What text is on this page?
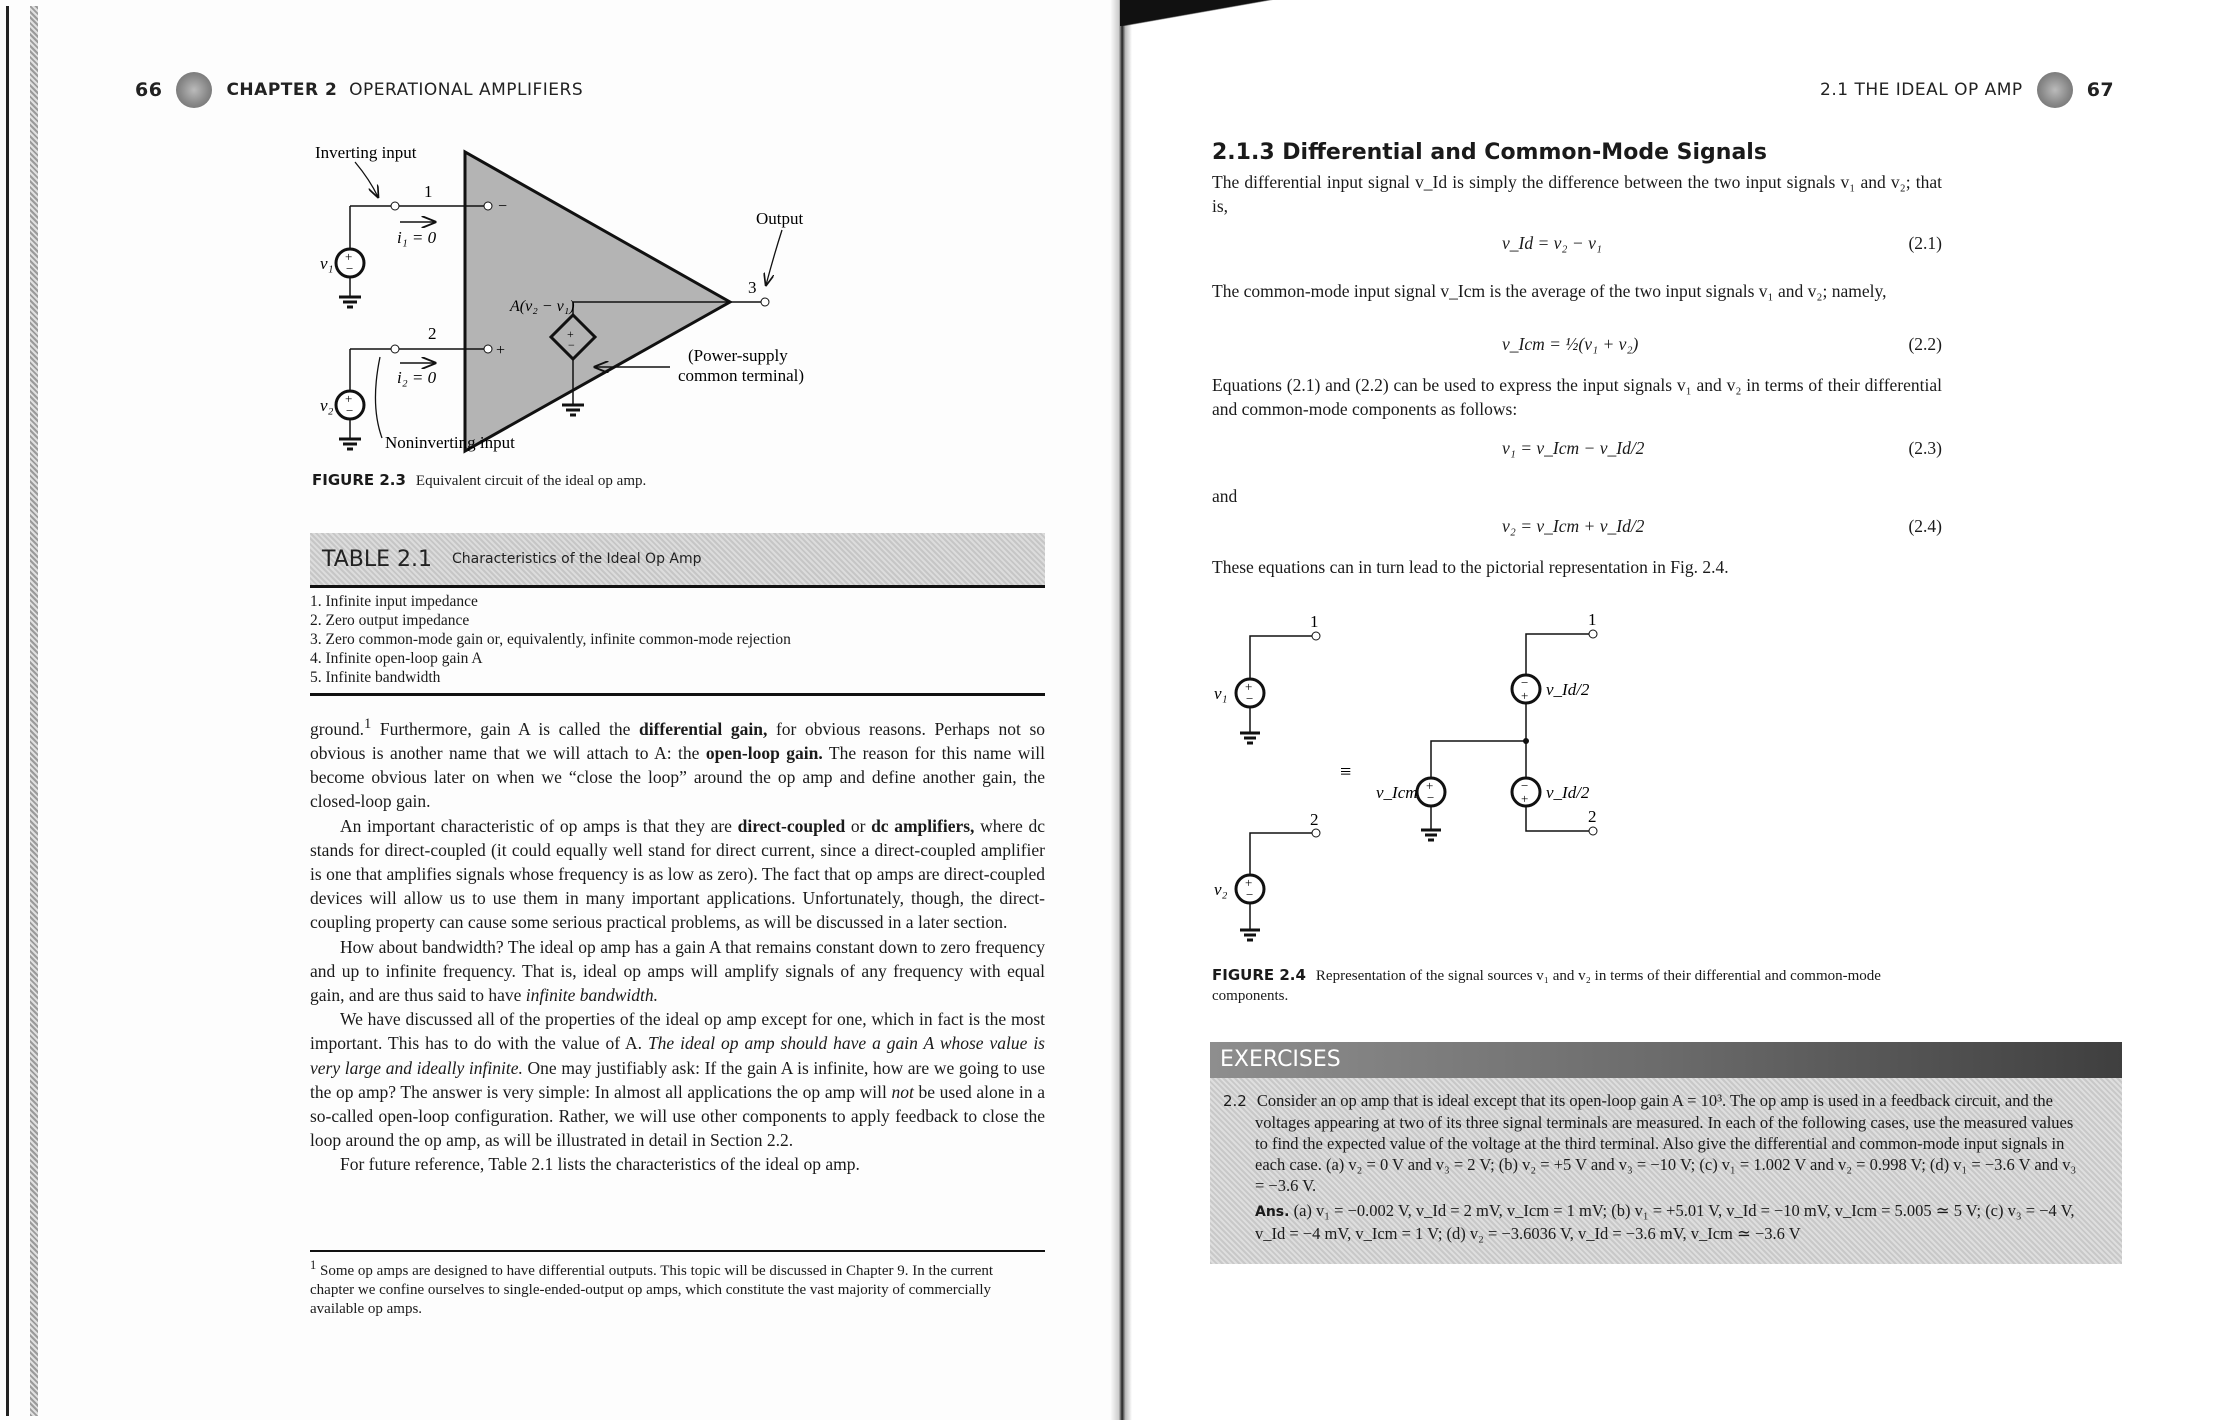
66	CHAPTER 2 OPERATIONAL AMPLIFIERS
1
−
i₁ = 0
+
−
v₁
2
+
i₂ = 0
+
−
v₂
Inverting input
Noninverting input
+
−
A(v₂ − v₁)
3
Output
(Power-supply
common terminal)
FIGURE 2.3 Equivalent circuit of the ideal op amp.
TABLE 2.1 Characteristics of the Ideal Op Amp
1. Infinite input impedance
2. Zero output impedance
3. Zero common-mode gain or, equivalently, infinite common-mode rejection
4. Infinite open-loop gain A
5. Infinite bandwidth

ground.$^1$ Furthermore, gain A is called the differential gain, for obvious reasons. Perhaps not so obvious is another name that we will attach to A: the open-loop gain. The reason for this name will become obvious later on when we “close the loop” around the op amp and define another gain, the closed-loop gain.

An important characteristic of op amps is that they are direct-coupled or dc amplifiers, where dc stands for direct-coupled (it could equally well stand for direct current, since a direct-coupled amplifier is one that amplifies signals whose frequency is as low as zero). The fact that op amps are direct-coupled devices will allow us to use them in many important applications. Unfortunately, though, the direct-coupling property can cause some serious practical problems, as will be discussed in a later section.

How about bandwidth? The ideal op amp has a gain A that remains constant down to zero frequency and up to infinite frequency. That is, ideal op amps will amplify signals of any frequency with equal gain, and are thus said to have infinite bandwidth.

We have discussed all of the properties of the ideal op amp except for one, which in fact is the most important. This has to do with the value of A. The ideal op amp should have a gain A whose value is very large and ideally infinite. One may justifiably ask: If the gain A is infinite, how are we going to use the op amp? The answer is very simple: In almost all applications the op amp will not be used alone in a so-called open-loop configuration. Rather, we will use other components to apply feedback to close the loop around the op amp, as will be illustrated in detail in Section 2.2.

For future reference, Table 2.1 lists the characteristics of the ideal op amp.

$^1$ Some op amps are designed to have differential outputs. This topic will be discussed in Chapter 9. In the current chapter we confine ourselves to single-ended-output op amps, which constitute the vast majority of commercially available op amps.
2.1 THE IDEAL OP AMP	67
2.1.3 Differential and Common-Mode Signals
The differential input signal v_Id is simply the difference between the two input signals v₁ and v₂; that is,
v_Id = v₂ − v₁	(2.1)
The common-mode input signal v_Icm is the average of the two input signals v₁ and v₂; namely,
v_Icm = ½(v₁ + v₂)	(2.2)
Equations (2.1) and (2.2) can be used to express the input signals v₁ and v₂ in terms of their differential and common-mode components as follows:
v₁ = v_Icm − v_Id/2	(2.3)
and
v₂ = v_Icm + v_Id/2	(2.4)
These equations can in turn lead to the pictorial representation in Fig. 2.4.
1
+
−
v₁
2
+
−
v₂
≡
1
−
+ v_Id/2
+
−
v_Icm	−
+ v_Id/2
2
FIGURE 2.4 Representation of the signal sources v₁ and v₂ in terms of their differential and common-mode components.
EXERCISES
2.2 Consider an op amp that is ideal except that its open-loop gain A = 10³. The op amp is used in a feedback circuit, and the voltages appearing at two of its three signal terminals are measured. In each of the following cases, use the measured values to find the expected value of the voltage at the third terminal. Also give the differential and common-mode input signals in each case. (a) v₂ = 0 V and v₃ = 2 V; (b) v₂ = +5 V and v₃ = −10 V; (c) v₁ = 1.002 V and v₂ = 0.998 V; (d) v₁ = −3.6 V and v₃ = −3.6 V.
Ans. (a) v₁ = −0.002 V, v_Id = 2 mV, v_Icm = 1 mV; (b) v₁ = +5.01 V, v_Id = −10 mV, v_Icm = 5.005 ≃ 5 V; (c) v₃ = −4 V, v_Id = −4 mV, v_Icm = 1 V; (d) v₂ = −3.6036 V, v_Id = −3.6 mV, v_Icm ≃ −3.6 V
